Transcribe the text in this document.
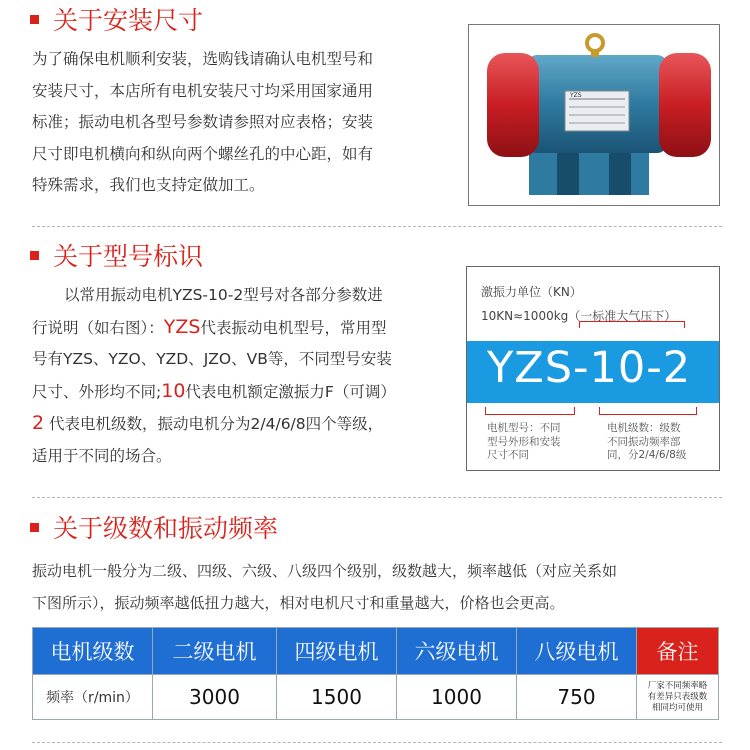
关于安装尺寸
为了确保电机顺利安装，选购钱请确认电机型号和
安装尺寸，本店所有电机安装尺寸均采用国家通用
标准；振动电机各型号参数请参照对应表格；安装
尺寸即电机横向和纵向两个螺丝孔的中心距，如有
特殊需求，我们也支持定做加工。
YZS
关于型号标识
以常用振动电机YZS-10-2型号对各部分参数进
行说明（如右图）：YZS代表振动电机型号，常用型
号有YZS、YZO、YZD、JZO、VB等，不同型号安装
尺寸、外形均不同;10代表电机额定激振力F（可调）
2 代表电机级数，振动电机分为2/4/6/8四个等级，
适用于不同的场合。
激振力单位（KN）
10KN≈1000kg（一标准大气压下）
YZS-10-2
电机型号：不同
型号外形和安装
尺寸不同
电机级数：级数
不同振动频率部
同，分2/4/6/8级
关于级数和振动频率
振动电机一般分为二级、四级、六级、八级四个级别，级数越大，频率越低（对应关系如
下图所示），振动频率越低扭力越大，相对电机尺寸和重量越大，价格也会更高。
电机级数	二级电机	四级电机	六级电机	八级电机	备注
频率（r/min）	3000	1500	1000	750	厂家不同频率略
有差异只表级数
相同均可使用
